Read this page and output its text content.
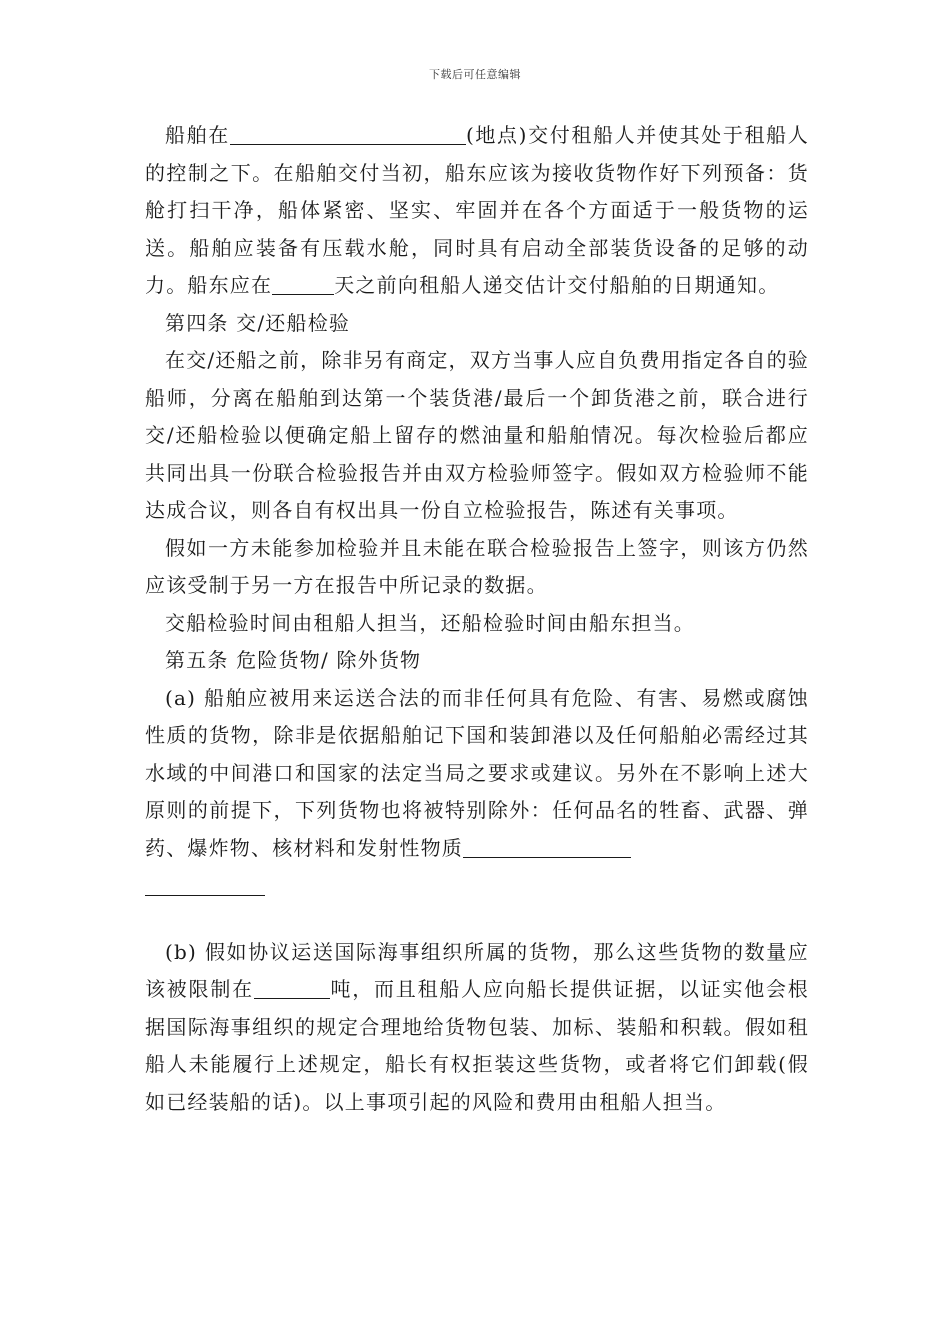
下载后可任意编辑

船舶在	(地点)交付租船人并使其处于租船人的控制之下。在船舶交付当初，船东应该为接收货物作好下列预备：货舱打扫干净，船体紧密、坚实、牢固并在各个方面适于一般货物的运送。船舶应装备有压载水舱，同时具有启动全部装货设备的足够的动力。船东应在	天之前向租船人递交估计交付船舶的日期通知。

第四条 交/还船检验

在交/还船之前，除非另有商定，双方当事人应自负费用指定各自的验船师，分离在船舶到达第一个装货港/最后一个卸货港之前，联合进行交/还船检验以便确定船上留存的燃油量和船舶情况。每次检验后都应共同出具一份联合检验报告并由双方检验师签字。假如双方检验师不能达成合议，则各自有权出具一份自立检验报告，陈述有关事项。

假如一方未能参加检验并且未能在联合检验报告上签字，则该方仍然应该受制于另一方在报告中所记录的数据。

交船检验时间由租船人担当，还船检验时间由船东担当。

第五条 危险货物/ 除外货物

(a) 船舶应被用来运送合法的而非任何具有危险、有害、易燃或腐蚀性质的货物，除非是依据船舶记下国和装卸港以及任何船舶必需经过其水域的中间港口和国家的法定当局之要求或建议。另外在不影响上述大原则的前提下，下列货物也将被特别除外：任何品名的牲畜、武器、弹药、爆炸物、核材料和发射性物质

(b) 假如协议运送国际海事组织所属的货物，那么这些货物的数量应该被限制在	吨，而且租船人应向船长提供证据，以证实他会根据国际海事组织的规定合理地给货物包装、加标、装船和积载。假如租船人未能履行上述规定，船长有权拒装这些货物，或者将它们卸载(假如已经装船的话)。以上事项引起的风险和费用由租船人担当。
